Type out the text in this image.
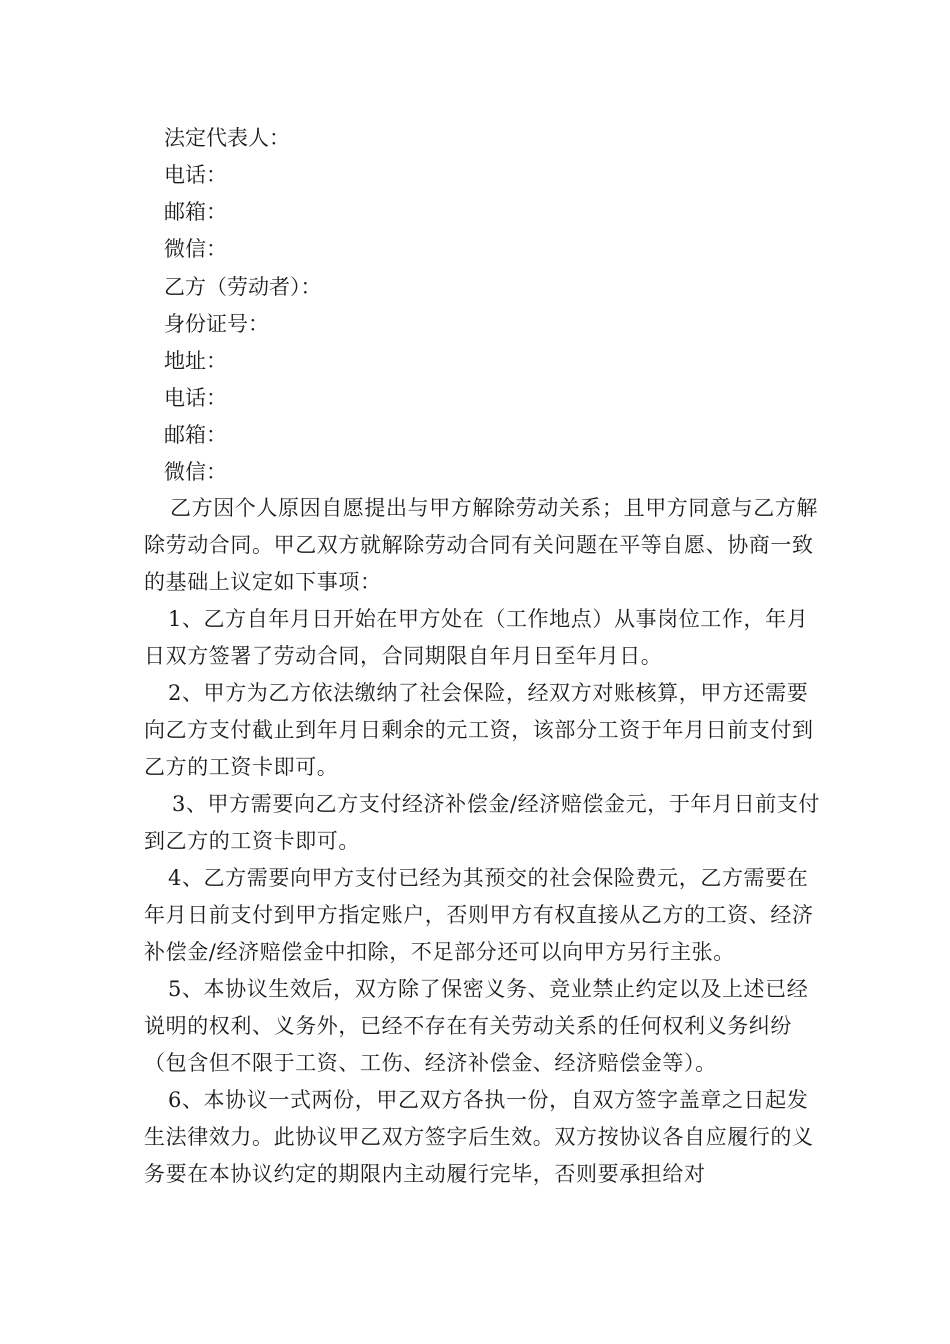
法定代表人：
电话：
邮箱：
微信：
乙方（劳动者）：
身份证号：
地址：
电话：
邮箱：
微信：

乙方因个人原因自愿提出与甲方解除劳动关系；且甲方同意与乙方解除劳动合同。甲乙双方就解除劳动合同有关问题在平等自愿、协商一致的基础上议定如下事项：

1、乙方自年月日开始在甲方处在（工作地点）从事岗位工作，年月日双方签署了劳动合同，合同期限自年月日至年月日。

2、甲方为乙方依法缴纳了社会保险，经双方对账核算，甲方还需要向乙方支付截止到年月日剩余的元工资，该部分工资于年月日前支付到乙方的工资卡即可。

3、甲方需要向乙方支付经济补偿金/经济赔偿金元，于年月日前支付到乙方的工资卡即可。

4、乙方需要向甲方支付已经为其预交的社会保险费元，乙方需要在年月日前支付到甲方指定账户，否则甲方有权直接从乙方的工资、经济补偿金/经济赔偿金中扣除，不足部分还可以向甲方另行主张。

5、本协议生效后，双方除了保密义务、竞业禁止约定以及上述已经说明的权利、义务外，已经不存在有关劳动关系的任何权利义务纠纷（包含但不限于工资、工伤、经济补偿金、经济赔偿金等）。

6、本协议一式两份，甲乙双方各执一份，自双方签字盖章之日起发生法律效力。此协议甲乙双方签字后生效。双方按协议各自应履行的义务要在本协议约定的期限内主动履行完毕，否则要承担给对
